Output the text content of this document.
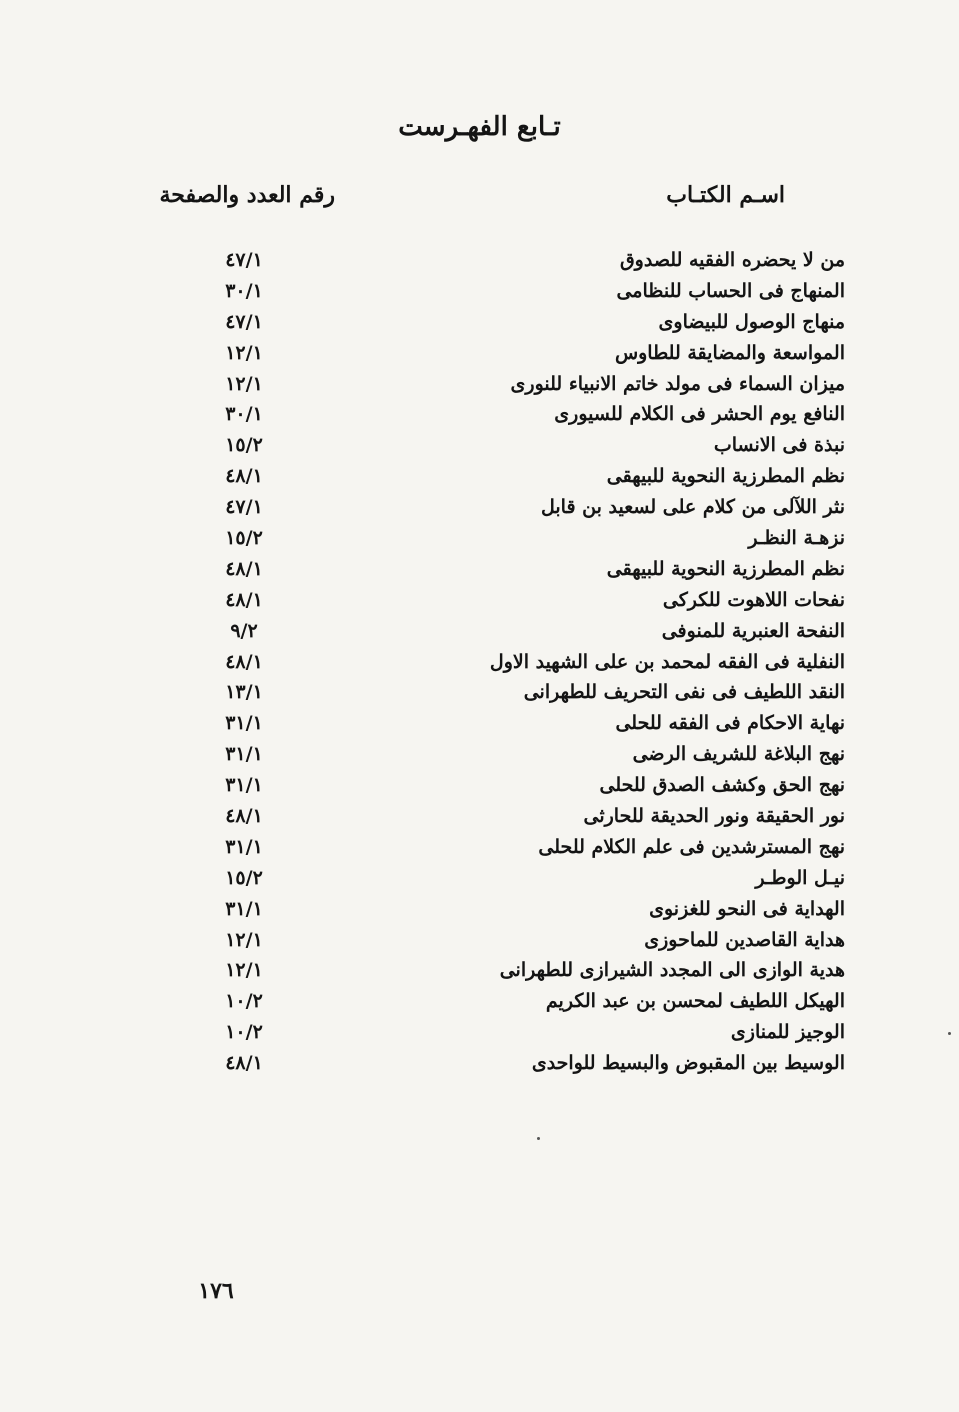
تـابع الفهـرست
اسـم الكتـاب
رقم العدد والصفحة
من لا يحضره الفقيه للصدوق
٤٧/١
المنهاج فى الحساب للنظامى
٣٠/١
منهاج الوصول للبيضاوى
٤٧/١
المواسعة والمضايقة للطاوس
١٢/١
ميزان السماء فى مولد خاتم الانبياء للنورى
١٢/١
النافع يوم الحشر فى الكلام للسيورى
٣٠/١
نبذة فى الانساب
١٥/٢
نظم المطرزية النحوية للبيهقى
٤٨/١
نثر اللآلى من كلام على لسعيد بن قابل
٤٧/١
نزهـة النظـر
١٥/٢
نظم المطرزية النحوية للبيهقى
٤٨/١
نفحات اللاهوت للكركى
٤٨/١
النفحة العنبرية للمنوفى
٩/٢
النفلية فى الفقه لمحمد بن على الشهيد الاول
٤٨/١
النقد اللطيف فى نفى التحريف للطهرانى
١٣/١
نهاية الاحكام فى الفقه للحلى
٣١/١
نهج البلاغة للشريف الرضى
٣١/١
نهج الحق وكشف الصدق للحلى
٣١/١
نور الحقيقة ونور الحديقة للحارثى
٤٨/١
نهج المسترشدين فى علم الكلام للحلى
٣١/١
نيـل الوطـر
١٥/٢
الهداية فى النحو للغزنوى
٣١/١
هداية القاصدين للماحوزى
١٢/١
هدية الوازى الى المجدد الشيرازى للطهرانى
١٢/١
الهيكل اللطيف لمحسن بن عبد الكريم
١٠/٢
الوجيز للمنازى
١٠/٢
الوسيط بين المقبوض والبسيط للواحدى
٤٨/١
١٧٦
